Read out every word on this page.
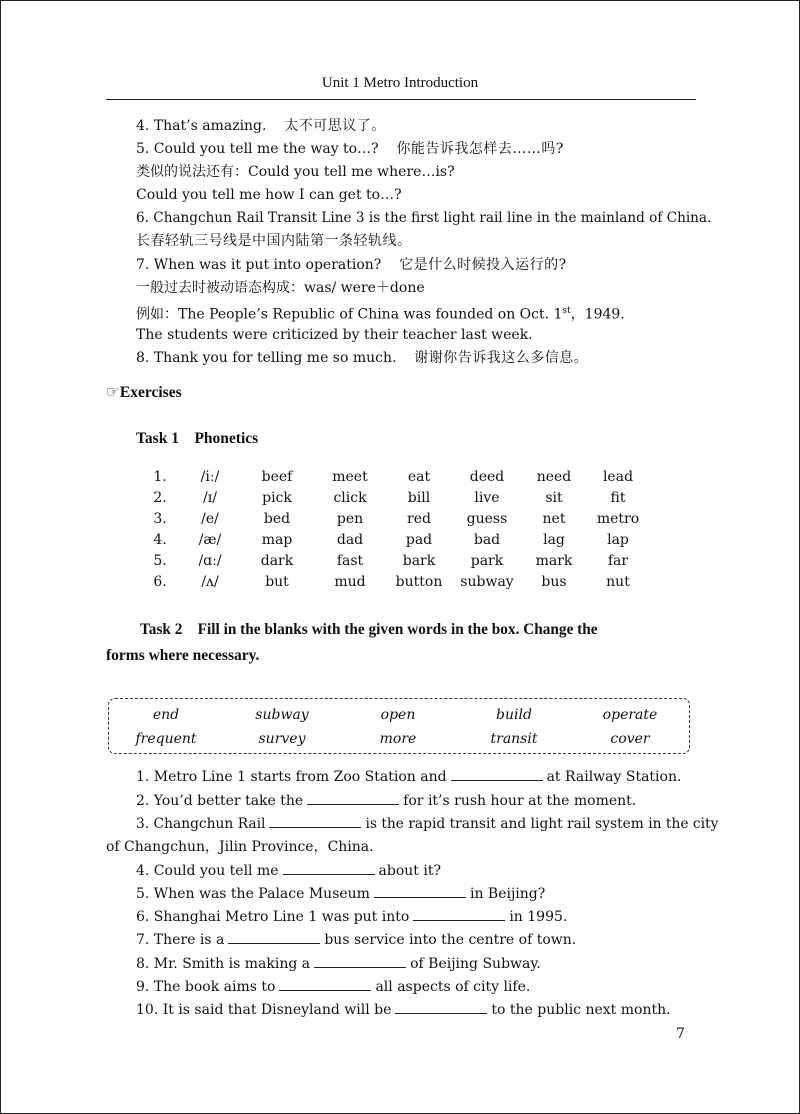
Unit 1 Metro Introduction
4. That’s amazing. 太不可思议了。
5. Could you tell me the way to…? 你能告诉我怎样去……吗?
类似的说法还有：Could you tell me where…is?
Could you tell me how I can get to…?
6. Changchun Rail Transit Line 3 is the first light rail line in the mainland of China.
长春轻轨三号线是中国内陆第一条轻轨线。
7. When was it put into operation? 它是什么时候投入运行的?
一般过去时被动语态构成：was/ were＋done
例如：The People’s Republic of China was founded on Oct. 1st，1949.
The students were criticized by their teacher last week.
8. Thank you for telling me so much. 谢谢你告诉我这么多信息。
☞Exercises
Task 1    Phonetics
1.	/iː/	beef	meet	eat	deed	need	lead
2.	/ɪ/	pick	click	bill	live	sit	fit
3.	/e/	bed	pen	red	guess	net	metro
4.	/æ/	map	dad	pad	bad	lag	lap
5.	/ɑː/	dark	fast	bark	park	mark	far
6.	/ʌ/	but	mud	button	subway	bus	nut
Task 2    Fill in the blanks with the given words in the box. Change the
forms where necessary.
end	subway	open	build	operate
frequent	survey	more	transit	cover
1. Metro Line 1 starts from Zoo Station and	at Railway Station.
2. You’d better take the	for it’s rush hour at the moment.
3. Changchun Rail	is the rapid transit and light rail system in the city
of Changchun，Jilin Province，China.
4. Could you tell me	about it?
5. When was the Palace Museum	in Beijing?
6. Shanghai Metro Line 1 was put into	in 1995.
7. There is a	bus service into the centre of town.
8. Mr. Smith is making a	of Beijing Subway.
9. The book aims to	all aspects of city life.
10. It is said that Disneyland will be	to the public next month.
7
